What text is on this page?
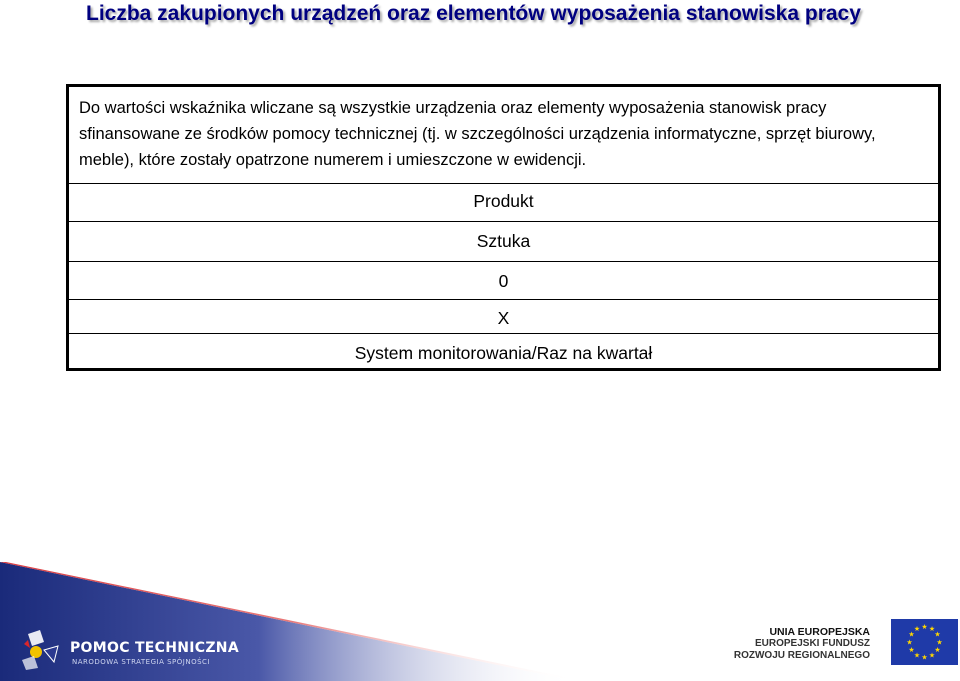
Liczba zakupionych urządzeń oraz elementów wyposażenia stanowiska pracy
Do wartości wskaźnika wliczane są wszystkie urządzenia oraz elementy wyposażenia stanowisk pracy sfinansowane ze środków pomocy technicznej (tj. w szczególności urządzenia informatyczne, sprzęt biurowy, meble), które zostały opatrzone numerem i umieszczone w ewidencji.
Produkt
Sztuka
0
X
System monitorowania/Raz na kwartał
POMOC TECHNICZNA
NARODOWA STRATEGIA SPÓJNOŚCI
UNIA EUROPEJSKA
EUROPEJSKI FUNDUSZ
ROZWOJU REGIONALNEGO
★ ★
★
★
★
★
★
★
★
★
★
★
